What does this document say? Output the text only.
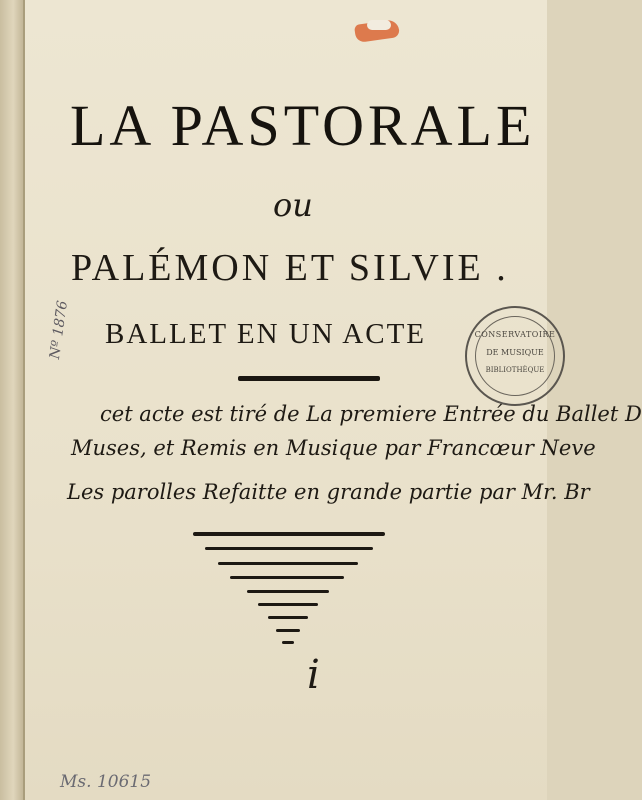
LA PASTORALE

ou

PALÉMON ET SILVIE .

BALLET EN UN ACTE

cet acte est tiré de La premiere Entrée du Ballet D

Muses, et Remis en Musique par Francœur Neve

Les parolles Refaitte en grande partie par Mr. Br

i

CONSERVATOIRE

DE MUSIQUE

BIBLIOTHÈQUE

Nº 1876

Ms. 10615
